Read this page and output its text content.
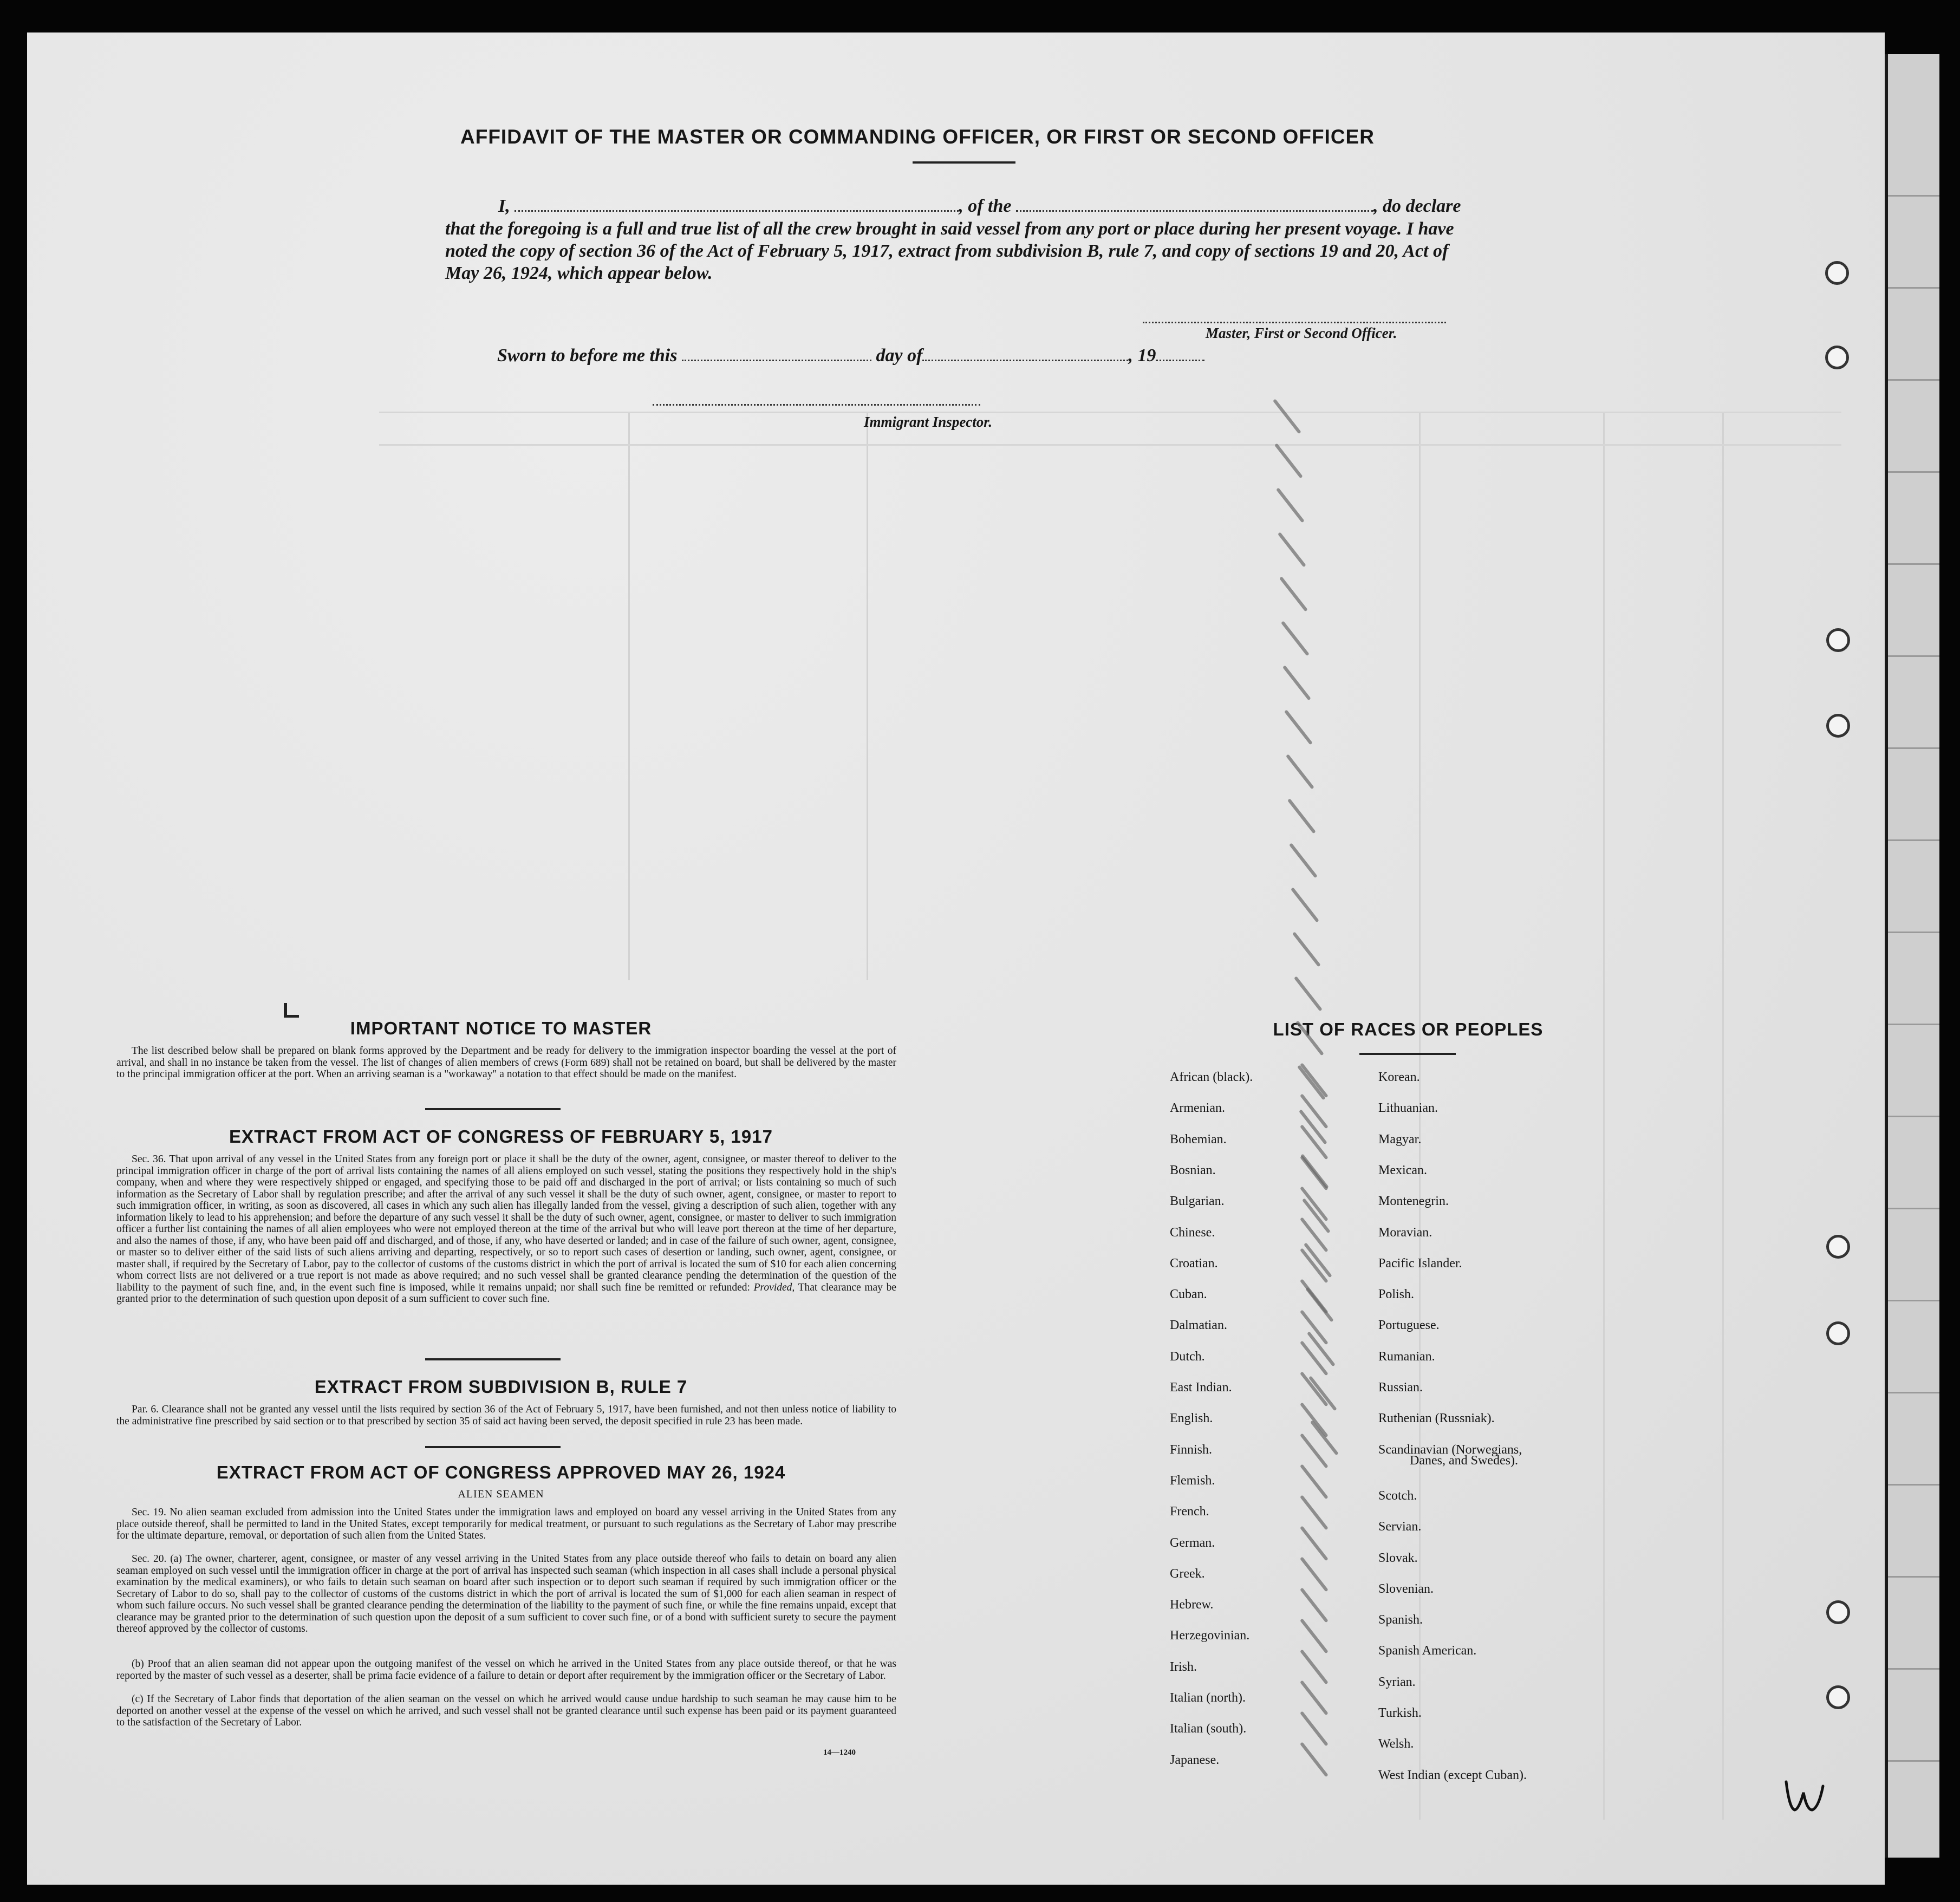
AFFIDAVIT OF THE MASTER OR COMMANDING OFFICER, OR FIRST OR SECOND OFFICER
I,	, of the	, do declare
that the foregoing is a full and true list of all the crew brought in said vessel from any port or place during her present voyage. I have noted the copy of section 36 of the Act of February 5, 1917, extract from subdivision B, rule 7, and copy of sections 19 and 20, Act of May 26, 1924, which appear below.
Master, First or Second Officer.
Sworn to before me this	day of	, 19
Immigrant Inspector.
IMPORTANT NOTICE TO MASTER
The list described below shall be prepared on blank forms approved by the Department and be ready for delivery to the immigration inspector boarding the vessel at the port of arrival, and shall in no instance be taken from the vessel. The list of changes of alien members of crews (Form 689) shall not be retained on board, but shall be delivered by the master to the principal immigration officer at the port. When an arriving seaman is a "workaway" a notation to that effect should be made on the manifest.
EXTRACT FROM ACT OF CONGRESS OF FEBRUARY 5, 1917
Sec. 36. That upon arrival of any vessel in the United States from any foreign port or place it shall be the duty of the owner, agent, consignee, or master thereof to deliver to the principal immigration officer in charge of the port of arrival lists containing the names of all aliens employed on such vessel, stating the positions they respectively hold in the ship's company, when and where they were respectively shipped or engaged, and specifying those to be paid off and discharged in the port of arrival; or lists containing so much of such information as the Secretary of Labor shall by regulation prescribe; and after the arrival of any such vessel it shall be the duty of such owner, agent, consignee, or master to report to such immigration officer, in writing, as soon as discovered, all cases in which any such alien has illegally landed from the vessel, giving a description of such alien, together with any information likely to lead to his apprehension; and before the departure of any such vessel it shall be the duty of such owner, agent, consignee, or master to deliver to such immigration officer a further list containing the names of all alien employees who were not employed thereon at the time of the arrival but who will leave port thereon at the time of her departure, and also the names of those, if any, who have been paid off and discharged, and of those, if any, who have deserted or landed; and in case of the failure of such owner, agent, consignee, or master so to deliver either of the said lists of such aliens arriving and departing, respectively, or so to report such cases of desertion or landing, such owner, agent, consignee, or master shall, if required by the Secretary of Labor, pay to the collector of customs of the customs district in which the port of arrival is located the sum of $10 for each alien concerning whom correct lists are not delivered or a true report is not made as above required; and no such vessel shall be granted clearance pending the determination of the question of the liability to the payment of such fine, and, in the event such fine is imposed, while it remains unpaid; nor shall such fine be remitted or refunded: Provided, That clearance may be granted prior to the determination of such question upon deposit of a sum sufficient to cover such fine.
EXTRACT FROM SUBDIVISION B, RULE 7
Par. 6. Clearance shall not be granted any vessel until the lists required by section 36 of the Act of February 5, 1917, have been furnished, and not then unless notice of liability to the administrative fine prescribed by said section or to that prescribed by section 35 of said act having been served, the deposit specified in rule 23 has been made.
EXTRACT FROM ACT OF CONGRESS APPROVED MAY 26, 1924
ALIEN SEAMEN
Sec. 19. No alien seaman excluded from admission into the United States under the immigration laws and employed on board any vessel arriving in the United States from any place outside thereof, shall be permitted to land in the United States, except temporarily for medical treatment, or pursuant to such regulations as the Secretary of Labor may prescribe for the ultimate departure, removal, or deportation of such alien from the United States.
Sec. 20. (a) The owner, charterer, agent, consignee, or master of any vessel arriving in the United States from any place outside thereof who fails to detain on board any alien seaman employed on such vessel until the immigration officer in charge at the port of arrival has inspected such seaman (which inspection in all cases shall include a personal physical examination by the medical examiners), or who fails to detain such seaman on board after such inspection or to deport such seaman if required by such immigration officer or the Secretary of Labor to do so, shall pay to the collector of customs of the customs district in which the port of arrival is located the sum of $1,000 for each alien seaman in respect of whom such failure occurs. No such vessel shall be granted clearance pending the determination of the liability to the payment of such fine, or while the fine remains unpaid, except that clearance may be granted prior to the determination of such question upon the deposit of a sum sufficient to cover such fine, or of a bond with sufficient surety to secure the payment thereof approved by the collector of customs.
(b) Proof that an alien seaman did not appear upon the outgoing manifest of the vessel on which he arrived in the United States from any place outside thereof, or that he was reported by the master of such vessel as a deserter, shall be prima facie evidence of a failure to detain or deport after requirement by the immigration officer or the Secretary of Labor.
(c) If the Secretary of Labor finds that deportation of the alien seaman on the vessel on which he arrived would cause undue hardship to such seaman he may cause him to be deported on another vessel at the expense of the vessel on which he arrived, and such vessel shall not be granted clearance until such expense has been paid or its payment guaranteed to the satisfaction of the Secretary of Labor.
14—1240
LIST OF RACES OR PEOPLES
African (black).
Armenian.
Bohemian.
Bosnian.
Bulgarian.
Chinese.
Croatian.
Cuban.
Dalmatian.
Dutch.
East Indian.
English.
Finnish.
Flemish.
French.
German.
Greek.
Hebrew.
Herzegovinian.
Irish.
Italian (north).
Italian (south).
Japanese.
Korean.
Lithuanian.
Magyar.
Mexican.
Montenegrin.
Moravian.
Pacific Islander.
Polish.
Portuguese.
Rumanian.
Russian.
Ruthenian (Russniak).
Scandinavian (Norwegians,
Scotch.
Servian.
Slovak.
Slovenian.
Spanish.
Spanish American.
Syrian.
Turkish.
Welsh.
West Indian (except Cuban).
Danes, and Swedes).
